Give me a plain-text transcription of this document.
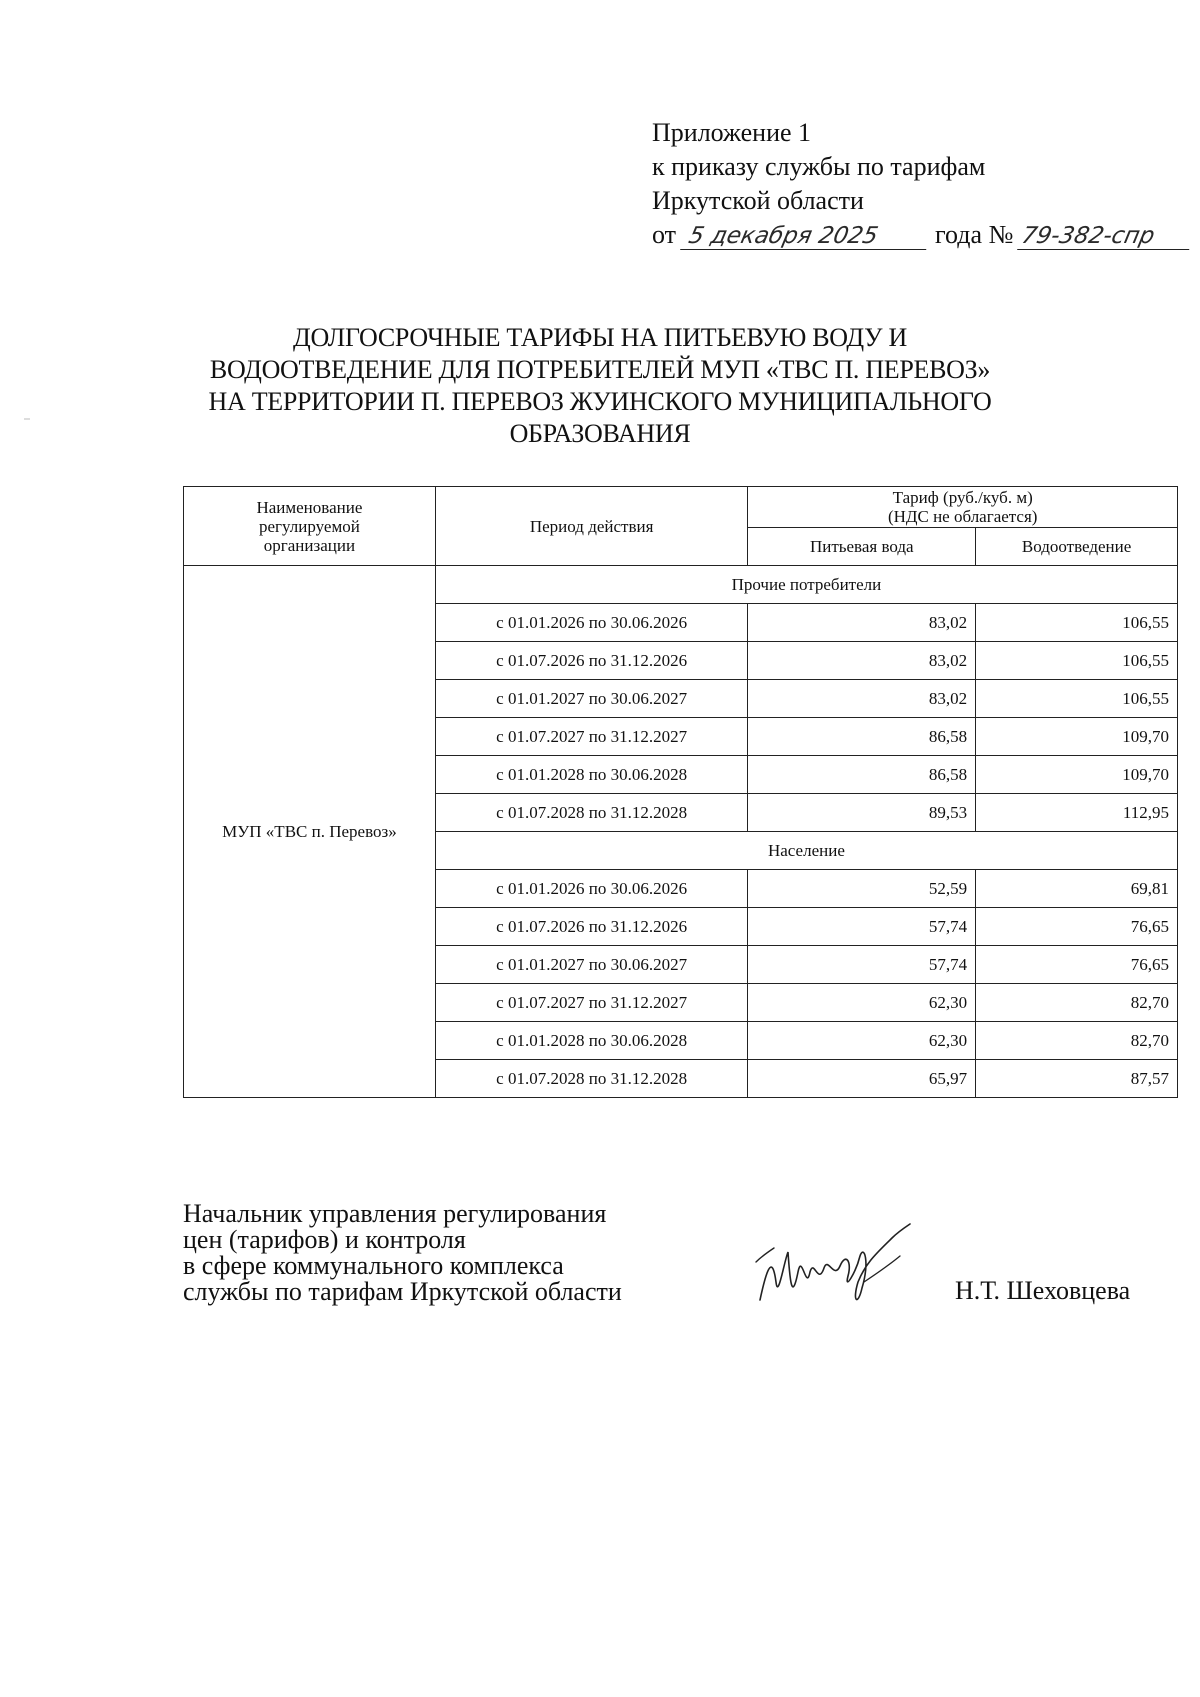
Приложение 1
к приказу службы по тарифам
Иркутской области
от 5 декабря 2025 года № 79-382-спр
ДОЛГОСРОЧНЫЕ ТАРИФЫ НА ПИТЬЕВУЮ ВОДУ И
ВОДООТВЕДЕНИЕ ДЛЯ ПОТРЕБИТЕЛЕЙ МУП «ТВС П. ПЕРЕВОЗ»
НА ТЕРРИТОРИИ П. ПЕРЕВОЗ ЖУИНСКОГО МУНИЦИПАЛЬНОГО
ОБРАЗОВАНИЯ
Наименование регулируемой организации	Период действия	Тариф (руб./куб. м)
(НДС не облагается)	
		Питьевая вода	Водоотведение
МУП «ТВС п. Перевоз»	Прочие потребители		
	с 01.01.2026 по 30.06.2026	83,02	106,55
	с 01.07.2026 по 31.12.2026	83,02	106,55
	с 01.01.2027 по 30.06.2027	83,02	106,55
	с 01.07.2027 по 31.12.2027	86,58	109,70
	с 01.01.2028 по 30.06.2028	86,58	109,70
	с 01.07.2028 по 31.12.2028	89,53	112,95
	Население		
	с 01.01.2026 по 30.06.2026	52,59	69,81
	с 01.07.2026 по 31.12.2026	57,74	76,65
	с 01.01.2027 по 30.06.2027	57,74	76,65
	с 01.07.2027 по 31.12.2027	62,30	82,70
	с 01.01.2028 по 30.06.2028	62,30	82,70
	с 01.07.2028 по 31.12.2028	65,97	87,57
Начальник управления регулирования
цен (тарифов) и контроля
в сфере коммунального комплекса
службы по тарифам Иркутской области	Н.Т. Шеховцева
